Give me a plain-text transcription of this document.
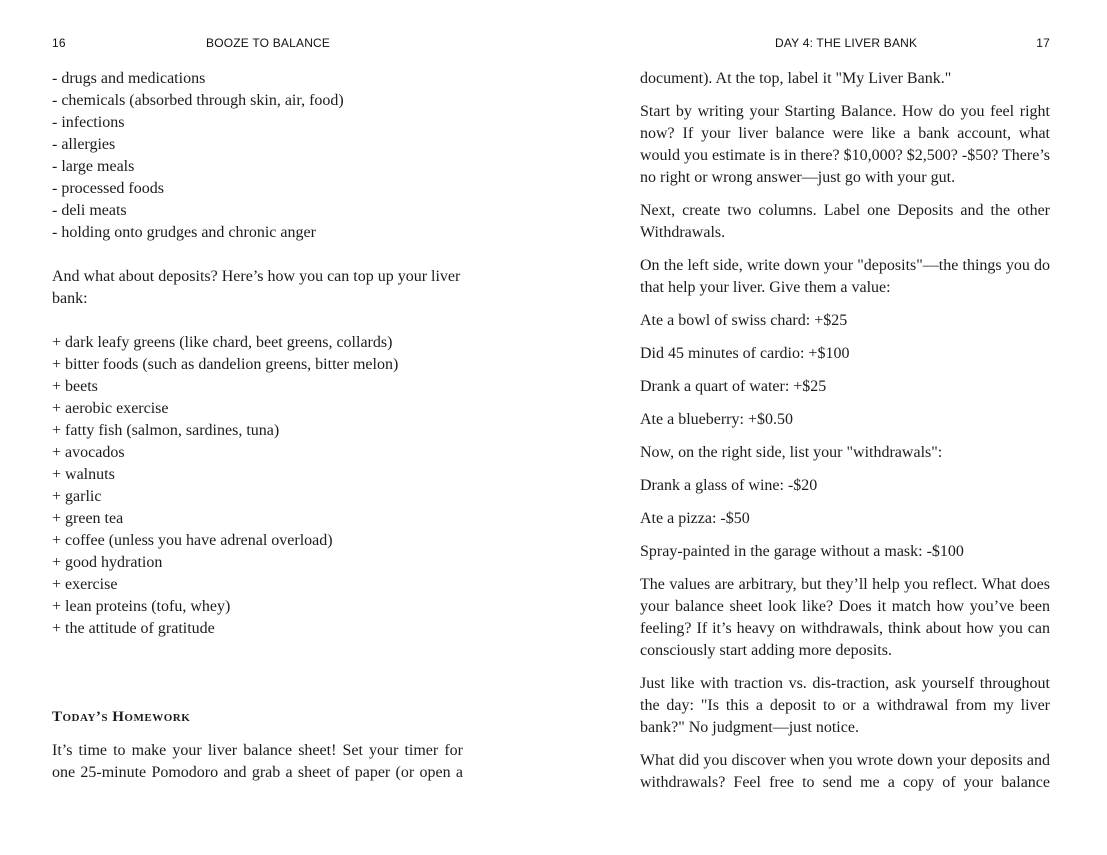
16	BOOZE TO BALANCE
- drugs and medications
- chemicals (absorbed through skin, air, food)
- infections
- allergies
- large meals
- processed foods
- deli meats
- holding onto grudges and chronic anger

And what about deposits? Here’s how you can top up your liver bank:

+ dark leafy greens (like chard, beet greens, collards)
+ bitter foods (such as dandelion greens, bitter melon)
+ beets
+ aerobic exercise
+ fatty fish (salmon, sardines, tuna)
+ avocados
+ walnuts
+ garlic
+ green tea
+ coffee (unless you have adrenal overload)
+ good hydration
+ exercise
+ lean proteins (tofu, whey)
+ the attitude of gratitude
Today’s Homework

It’s time to make your liver balance sheet! Set your timer for one 25-minute Pomodoro and grab a sheet of paper (or open a

DAY 4: THE LIVER BANK	17

document). At the top, label it "My Liver Bank."

Start by writing your Starting Balance. How do you feel right now? If your liver balance were like a bank account, what would you estimate is in there? $10,000? $2,500? -$50? There’s no right or wrong answer—just go with your gut.

Next, create two columns. Label one Deposits and the other Withdrawals.

On the left side, write down your "deposits"—the things you do that help your liver. Give them a value:

Ate a bowl of swiss chard: +$25

Did 45 minutes of cardio: +$100

Drank a quart of water: +$25

Ate a blueberry: +$0.50

Now, on the right side, list your "withdrawals":

Drank a glass of wine: -$20

Ate a pizza: -$50

Spray-painted in the garage without a mask: -$100

The values are arbitrary, but they’ll help you reflect. What does your balance sheet look like? Does it match how you’ve been feeling? If it’s heavy on withdrawals, think about how you can consciously start adding more deposits.

Just like with traction vs. dis-traction, ask yourself throughout the day: "Is this a deposit to or a withdrawal from my liver bank?" No judgment—just notice.

What did you discover when you wrote down your deposits and withdrawals? Feel free to send me a copy of your balance
